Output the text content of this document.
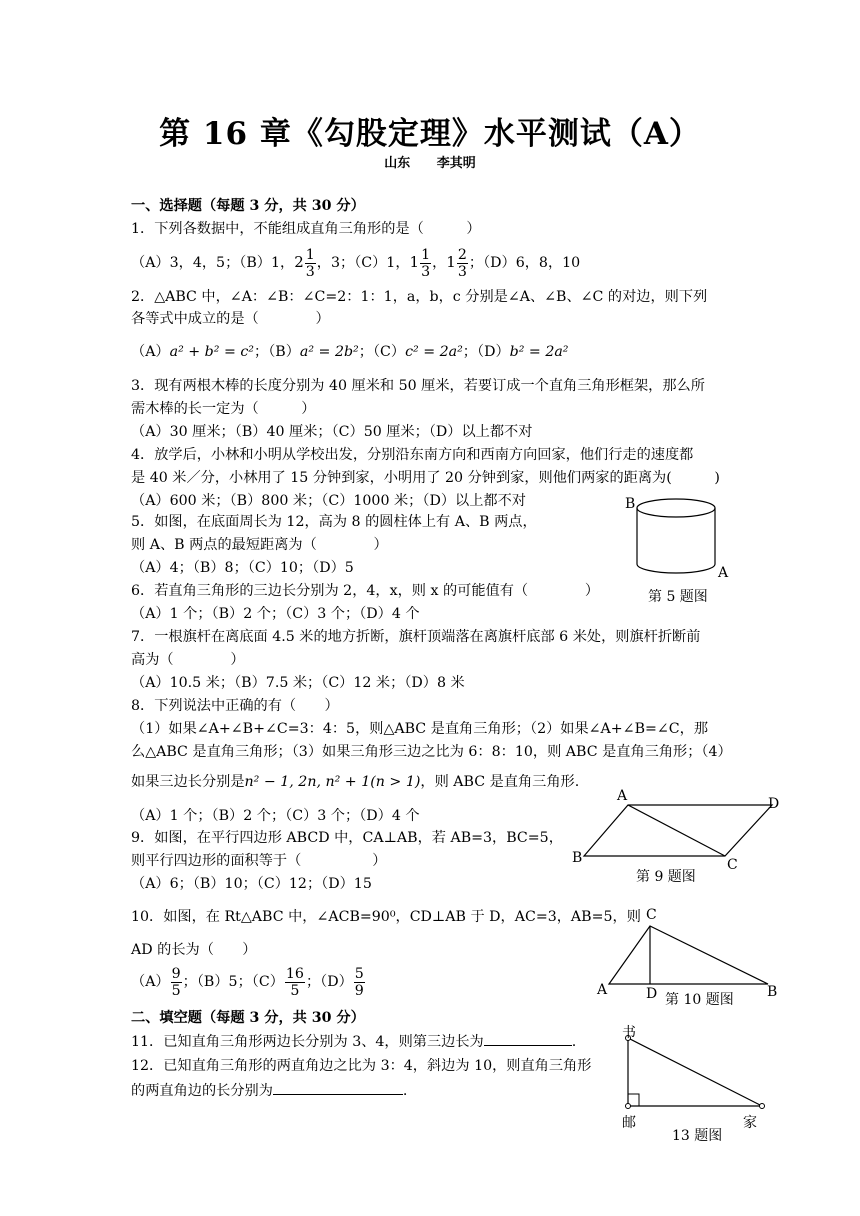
第 16 章《勾股定理》水平测试（A）
山东 李其明
一、选择题（每题 3 分，共 30 分）
1．下列各数据中，不能组成直角三角形的是（　　　）
（A）3，4，5；（B）1，$2 \frac{1}{3}$ ，3；（C）1，$1 \frac{1}{3}$ ，$1 \frac{2}{3}$ ；（D）6，8，10
2．△ABC 中，∠A：∠B：∠C=2：1：1，a，b，c 分别是∠A、∠B、∠C 的对边，则下列
各等式中成立的是（　　　　）
（A）a² + b² = c²；（B）a² = 2b²；（C）c² = 2a²；（D）b² = 2a²
3．现有两根木棒的长度分别为 40 厘米和 50 厘米，若要订成一个直角三角形框架，那么所
需木棒的长一定为（　　　）
（A）30 厘米；（B）40 厘米；（C）50 厘米；（D）以上都不对
4．放学后，小林和小明从学校出发，分别沿东南方向和西南方向回家，他们行走的速度都
是 40 米／分，小林用了 15 分钟到家，小明用了 20 分钟到家，则他们两家的距离为(　　　)
（A）600 米；（B）800 米；（C）1000 米；（D）以上都不对
5．如图，在底面周长为 12，高为 8 的圆柱体上有 A、B 两点，
则 A、B 两点的最短距离为（　　　　）
（A）4；（B）8；（C）10；（D）5
B
A
第 5 题图
6．若直角三角形的三边长分别为 2，4，x，则 x 的可能值有（　　　　）
（A）1 个；（B）2 个；（C）3 个；（D）4 个
7．一根旗杆在离底面 4.5 米的地方折断，旗杆顶端落在离旗杆底部 6 米处，则旗杆折断前
高为（　　　　）
（A）10.5 米；（B）7.5 米；（C）12 米；（D）8 米
8．下列说法中正确的有（　　）
（1）如果∠A+∠B+∠C=3：4：5，则△ABC 是直角三角形；（2）如果∠A+∠B=∠C，那
么△ABC 是直角三角形；（3）如果三角形三边之比为 6：8：10，则 ABC 是直角三角形；（4）
如果三边长分别是n² − 1, 2n, n² + 1(n > 1)，则 ABC 是直角三角形.
（A）1 个；（B）2 个；（C）3 个；（D）4 个
A	D
B	C
第 9 题图
9．如图，在平行四边形 ABCD 中，CA⊥AB，若 AB=3，BC=5，
则平行四边形的面积等于（　　　　　）
（A）6；（B）10；（C）12；（D）15
10．如图，在 Rt△ABC 中，∠ACB=90⁰，CD⊥AB 于 D，AC=3，AB=5，则
AD 的长为（　　）
$(A) \frac{9}{5}$ ；（B）5；$(C) \frac{16}{5}$ ；$(D) \frac{5}{9}$
C
A	D	B
第 10 题图
二、填空题（每题 3 分，共 30 分）
11．已知直角三角形两边长分别为 3、4，则第三边长为	.
12．已知直角三角形的两直角边之比为 3：4，斜边为 10，则直角三角形
的两直角边的长分别为	.
书
邮	家
13 题图
